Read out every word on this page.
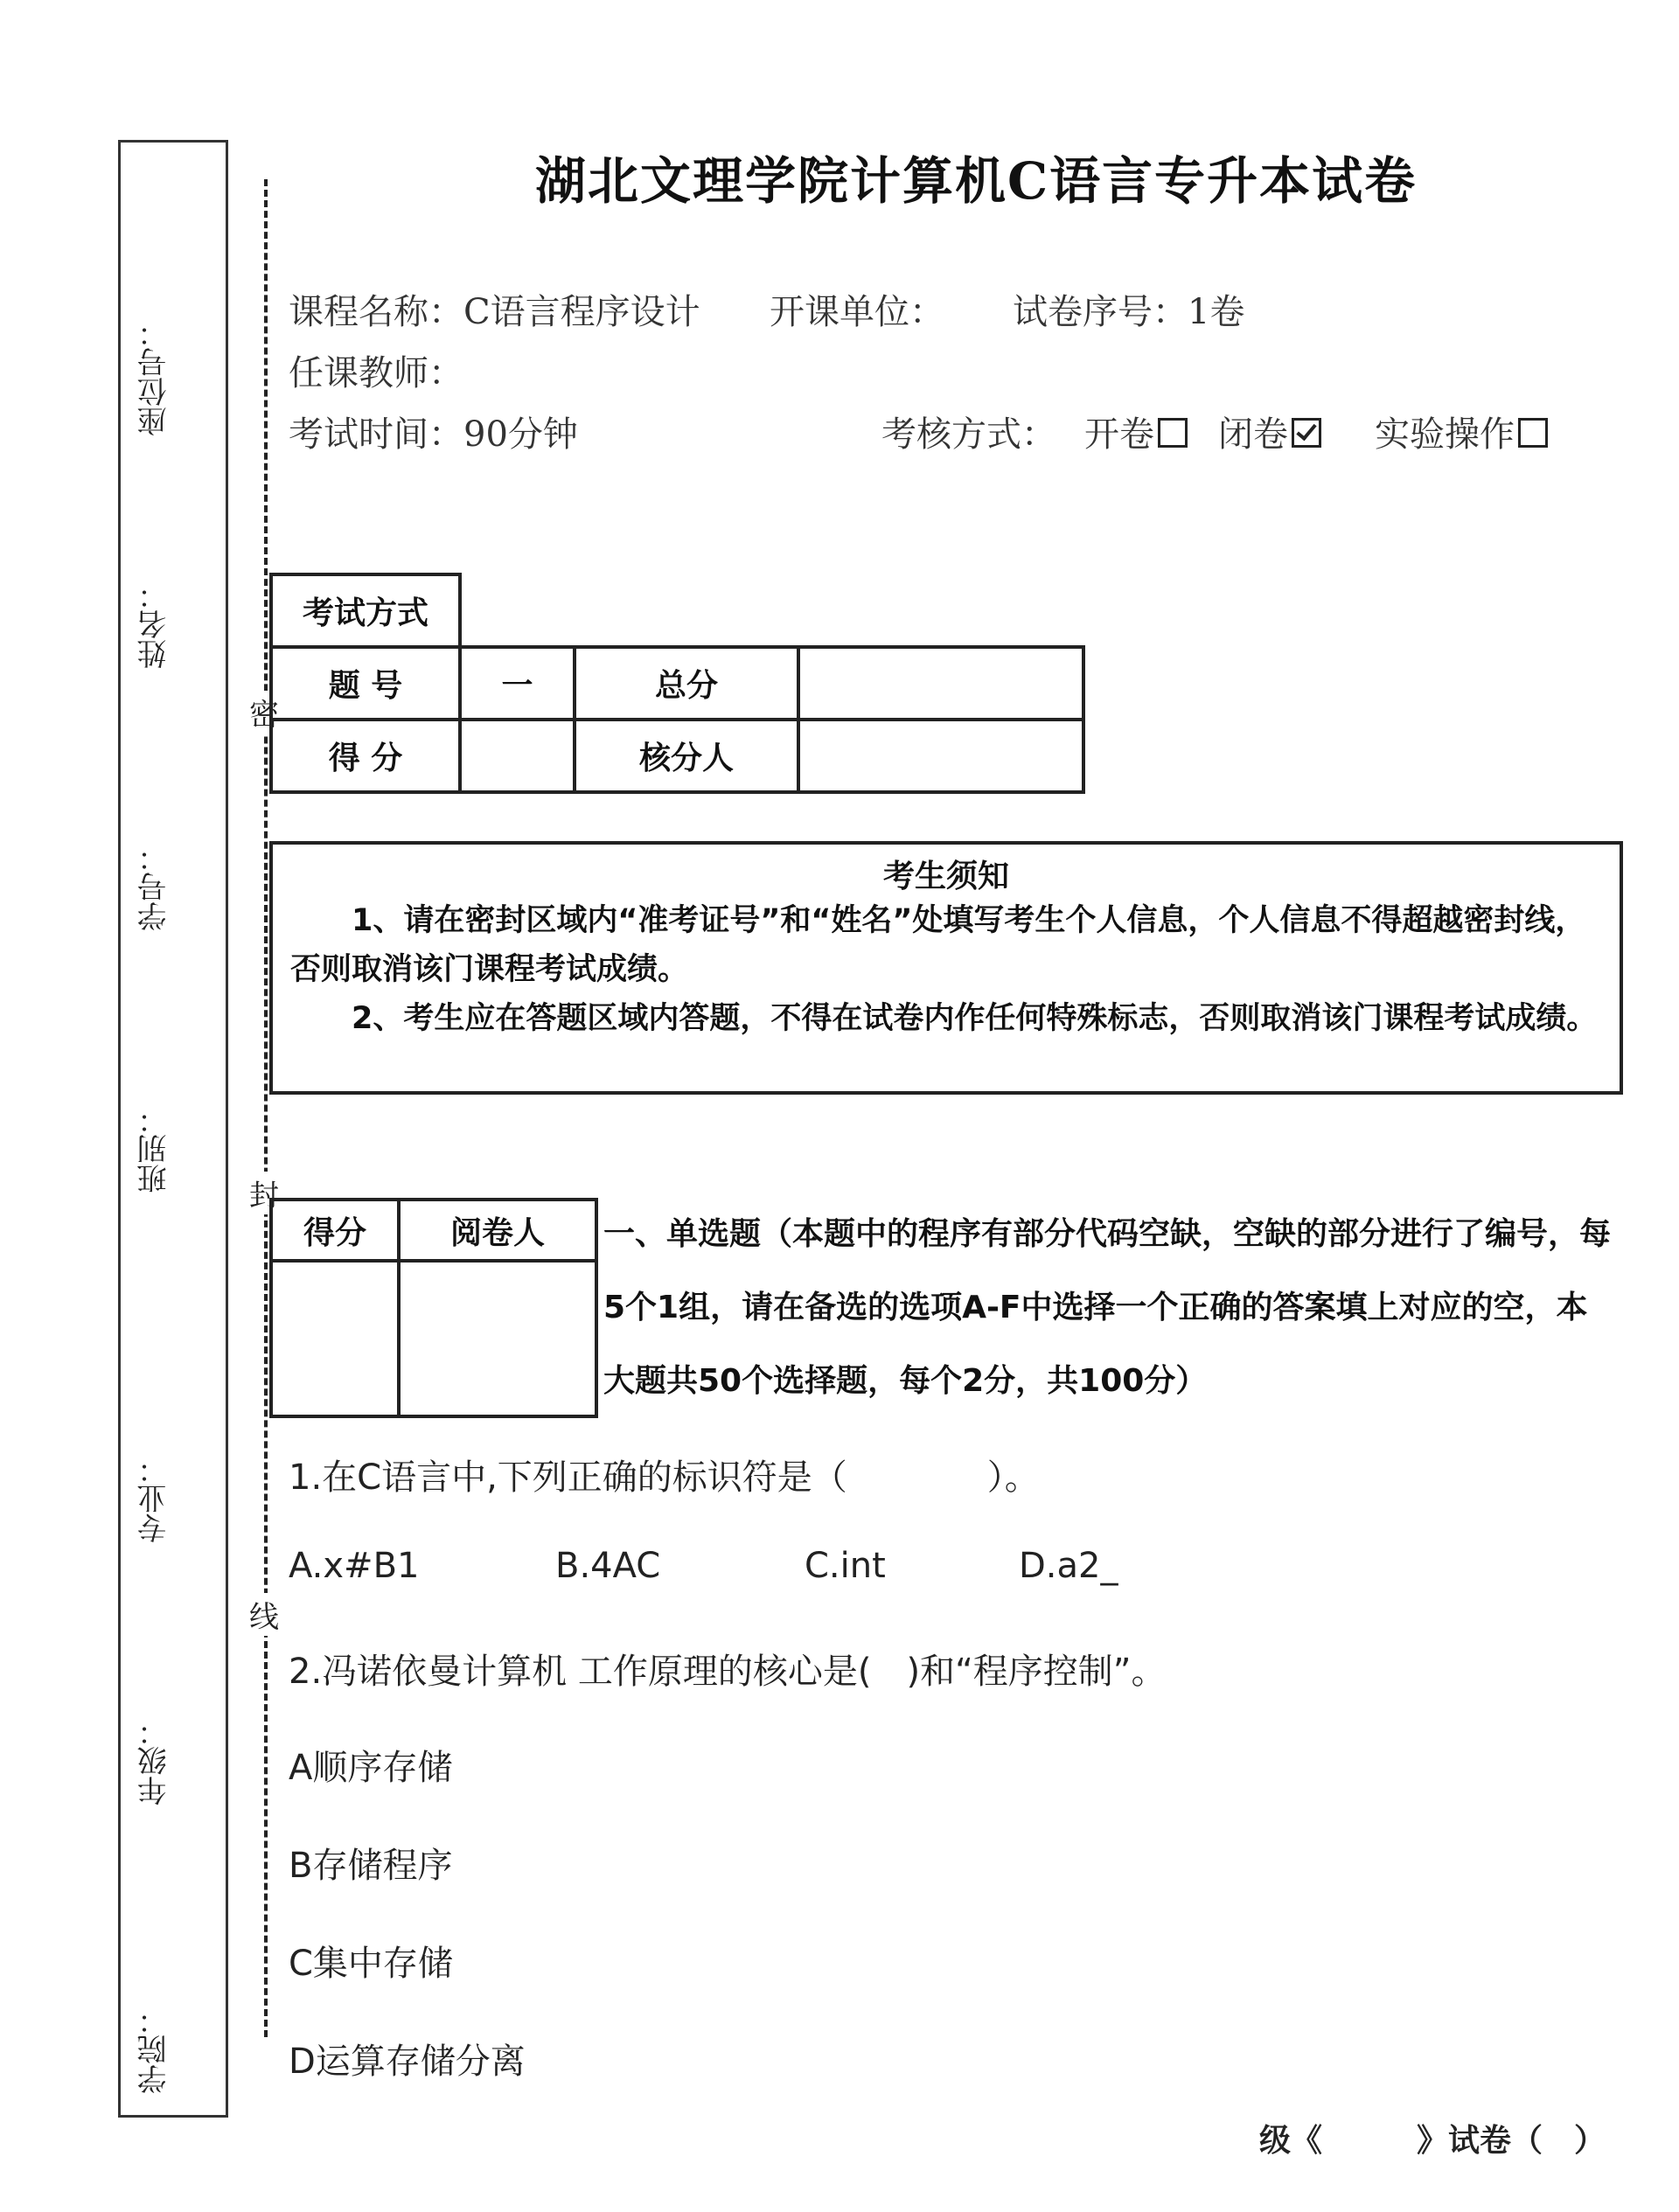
座位号：
姓名：
学号：
班别：
专业：
年级：
学院：
密
封
线
湖北文理学院计算机C语言专升本试卷
课程名称：C语言程序设计 开课单位： 试卷序号：1卷
任课教师：
考试时间：90分钟	考核方式： 开卷	闭卷	实验操作
考试方式			
题 号	一	总分	
得 分		核分人	
考生须知

1、请在密封区域内“准考证号”和“姓名”处填写考生个人信息，个人信息不得超越密封线，否则取消该门课程考试成绩。

2、考生应在答题区域内答题，不得在试卷内作任何特殊标志，否则取消该门课程考试成绩。

得分	阅卷人
	一、单选题（本题中的程序有部分代码空缺，空缺的部分进行了编号，每5个1组，请在备选的选项A-F中选择一个正确的答案填上对应的空，本大题共50个选择题，每个2分，共100分）
1.在C语言中,下列正确的标识符是（　　　　）。
A.x#B1	B.4AC	C.int	D.a2_
2.冯诺依曼计算机 工作原理的核心是(　)和“程序控制”。
A顺序存储
B存储程序
C集中存储
D运算存储分离
级《　　　》试卷（　）
